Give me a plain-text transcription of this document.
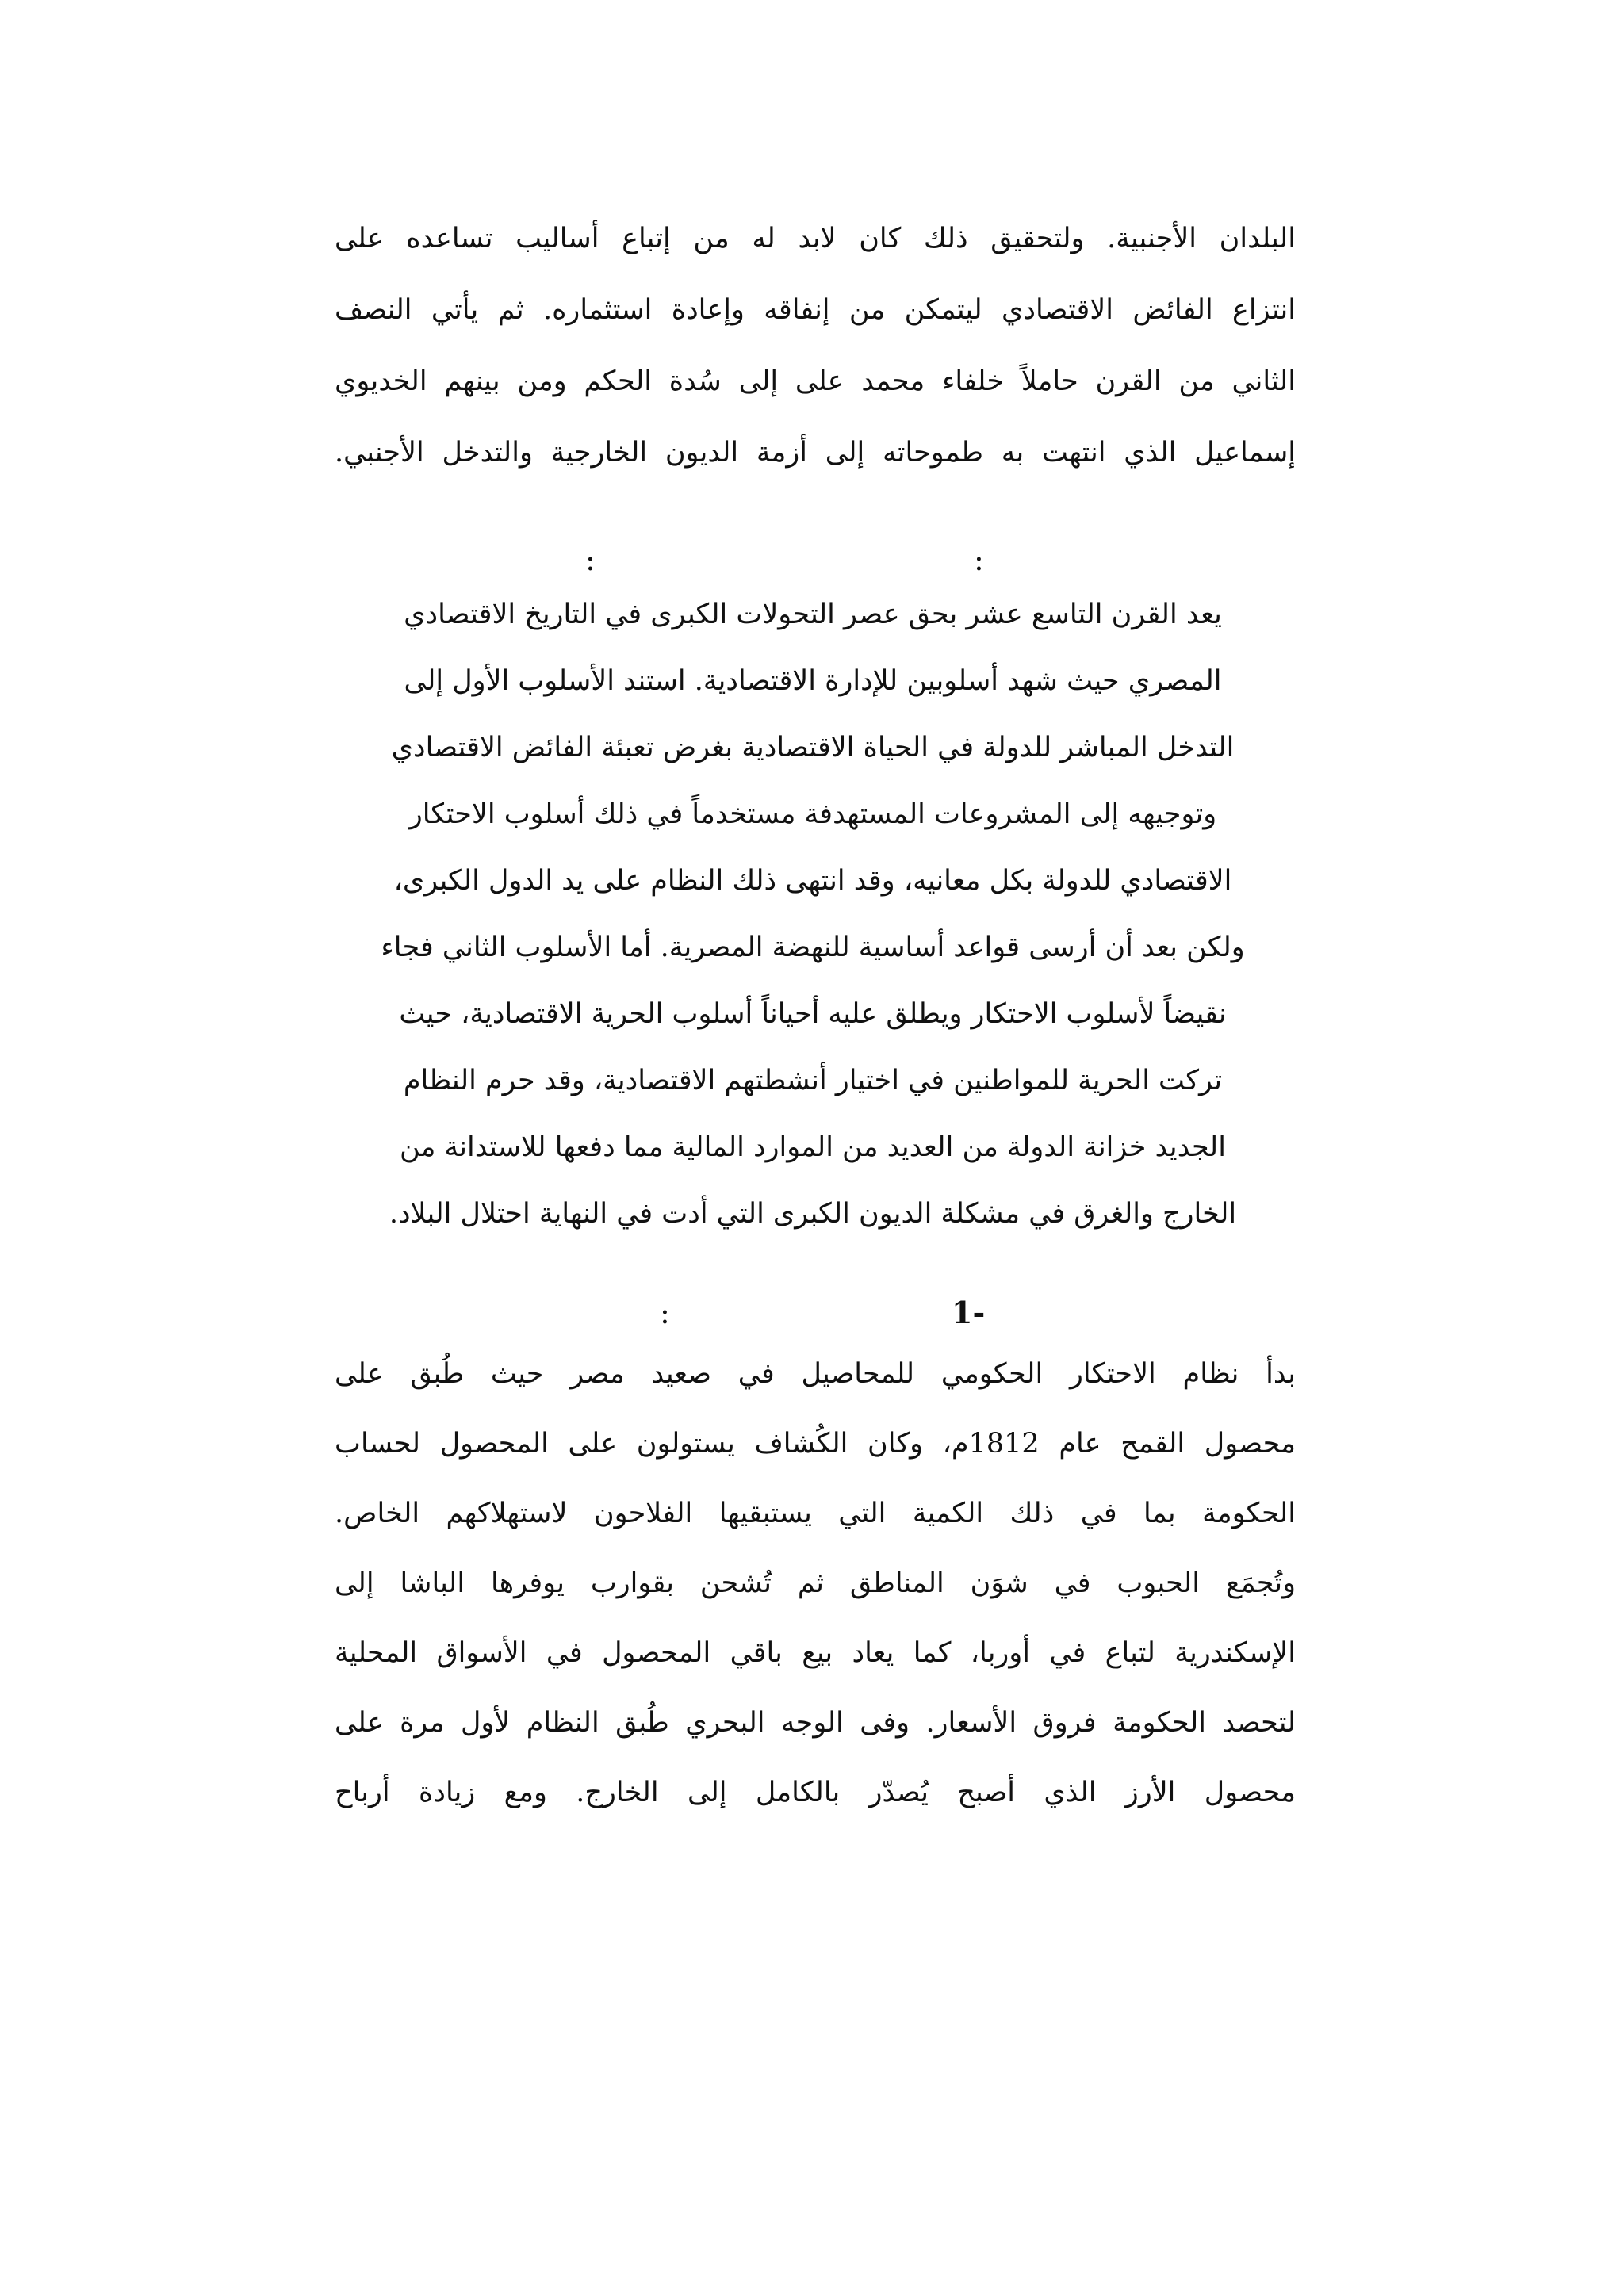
البلدان الأجنبية. ولتحقيق ذلك كان لابد له من إتباع أساليب تساعده على
انتزاع الفائض الاقتصادي ليتمكن من إنفاقه وإعادة استثماره. ثم يأتي النصف
الثاني من القرن حاملاً خلفاء محمد على إلى سُدة الحكم ومن بينهم الخديوي
إسماعيل الذي انتهت به طموحاته إلى أزمة الديون الخارجية والتدخل الأجنبي.
:	:
يعد القرن التاسع عشر بحق عصر التحولات الكبرى في التاريخ الاقتصادي
المصري حيث شهد أسلوبين للإدارة الاقتصادية. استند الأسلوب الأول إلى
التدخل المباشر للدولة في الحياة الاقتصادية بغرض تعبئة الفائض الاقتصادي
وتوجيهه إلى المشروعات المستهدفة مستخدماً في ذلك أسلوب الاحتكار
الاقتصادي للدولة بكل معانيه، وقد انتهى ذلك النظام على يد الدول الكبرى،
ولكن بعد أن أرسى قواعد أساسية للنهضة المصرية. أما الأسلوب الثاني فجاء
نقيضاً لأسلوب الاحتكار ويطلق عليه أحياناً أسلوب الحرية الاقتصادية، حيث
تركت الحرية للمواطنين في اختيار أنشطتهم الاقتصادية، وقد حرم النظام
الجديد خزانة الدولة من العديد من الموارد المالية مما دفعها للاستدانة من
الخارج والغرق في مشكلة الديون الكبرى التي أدت في النهاية احتلال البلاد.
:	1-
بدأ نظام الاحتكار الحكومي للمحاصيل في صعيد مصر حيث طُبق على
محصول القمح عام 1812م، وكان الكُشاف يستولون على المحصول لحساب
الحكومة بما في ذلك الكمية التي يستبقيها الفلاحون لاستهلاكهم الخاص.
وتُجمَع الحبوب في شوَن المناطق ثم تُشحن بقوارب يوفرها الباشا إلى
الإسكندرية لتباع في أوربا، كما يعاد بيع باقي المحصول في الأسواق المحلية
لتحصد الحكومة فروق الأسعار. وفى الوجه البحري طُبق النظام لأول مرة على
محصول الأرز الذي أصبح يُصدّر بالكامل إلى الخارج. ومع زيادة أرباح
